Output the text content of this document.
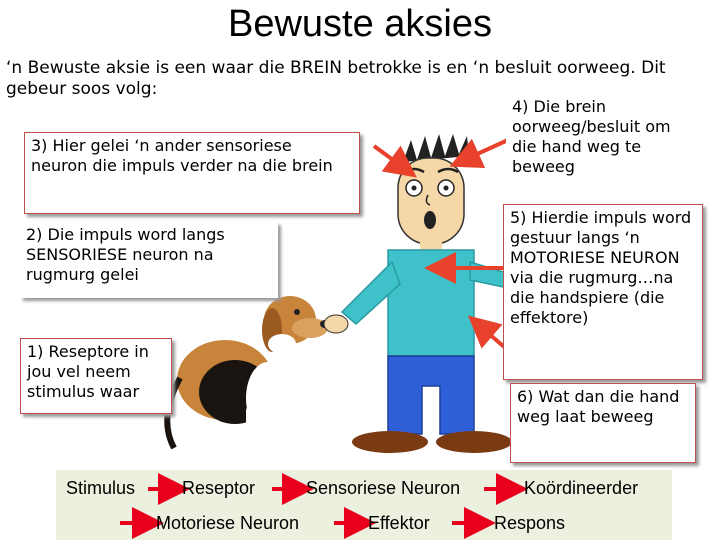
Bewuste aksies
‘n Bewuste aksie is een waar die BREIN betrokke is en ‘n besluit oorweeg. Dit gebeur soos volg:
3) Hier gelei ‘n ander sensoriese neuron die impuls verder na die brein
2) Die impuls word langs SENSORIESE neuron na rugmurg gelei
1) Reseptore in jou vel neem stimulus waar
4) Die brein oorweeg/besluit om die hand weg te beweeg
5) Hierdie impuls word gestuur langs ‘n MOTORIESE NEURON via die rugmurg…na die handspiere (die effektore)
6) Wat dan die hand weg laat beweeg
Stimulus	Reseptor	Sensoriese Neuron	Koördineerder
Motoriese Neuron	Effektor	Respons
